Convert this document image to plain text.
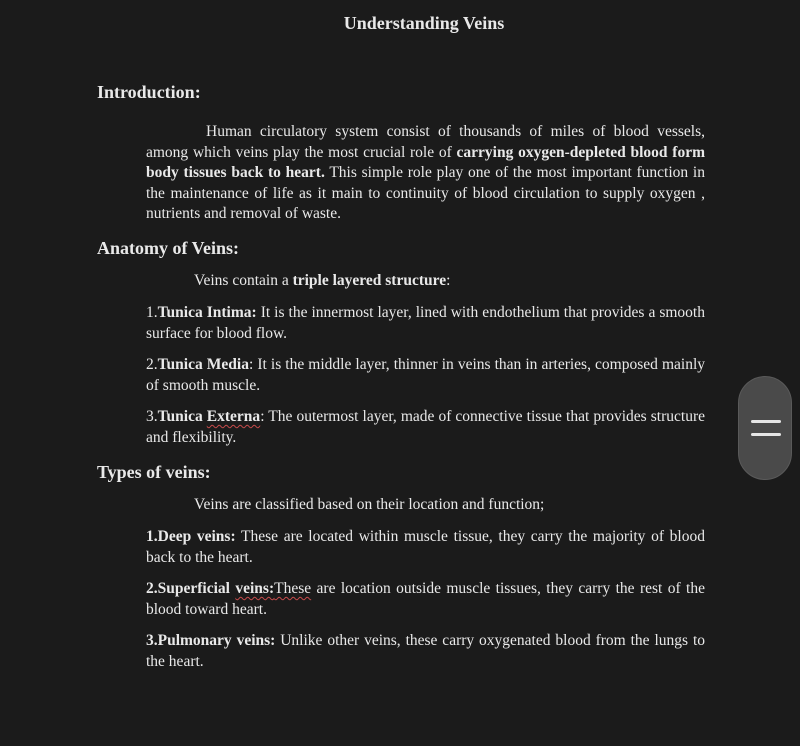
Understanding Veins
Introduction:
Human circulatory system consist of thousands of miles of blood vessels, among which veins play the most crucial role of carrying oxygen-depleted blood form body tissues back to heart. This simple role play one of the most important function in the maintenance of life as it main to continuity of blood circulation to supply oxygen , nutrients and removal of waste.
Anatomy of Veins:
Veins contain a triple layered structure:
1.Tunica Intima: It is the innermost layer, lined with endothelium that provides a smooth surface for blood flow.
2.Tunica Media: It is the middle layer, thinner in veins than in arteries, composed mainly of smooth muscle.
3.Tunica Externa: The outermost layer, made of connective tissue that provides structure and flexibility.
Types of veins:
Veins are classified based on their location and function;
1.Deep veins: These are located within muscle tissue, they carry the majority of blood back to the heart.
2.Superficial veins:These are location outside muscle tissues, they carry the rest of the blood toward heart.
3.Pulmonary veins: Unlike other veins, these carry oxygenated blood from the lungs to the heart.
